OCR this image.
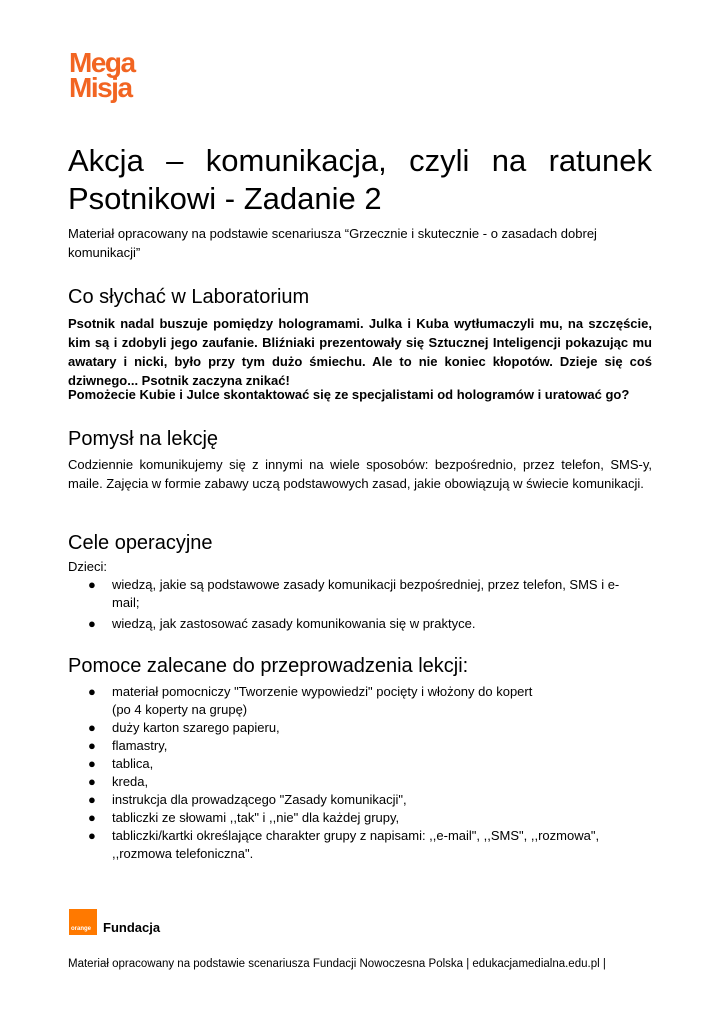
Mega
Misja
Akcja – komunikacja, czyli na ratunek Psotnikowi - Zadanie 2

Materiał opracowany na podstawie scenariusza “Grzecznie i skutecznie - o zasadach dobrej komunikacji”

Co słychać w Laboratorium

Psotnik nadal buszuje pomiędzy hologramami. Julka i Kuba wytłumaczyli mu, na szczęście, kim są i zdobyli jego zaufanie. Bliźniaki prezentowały się Sztucznej Inteligencji pokazując mu awatary i nicki, było przy tym dużo śmiechu. Ale to nie koniec kłopotów. Dzieje się coś dziwnego... Psotnik zaczyna znikać!

Pomożecie Kubie i Julce skontaktować się ze specjalistami od hologramów i uratować go?

Pomysł na lekcję

Codziennie komunikujemy się z innymi na wiele sposobów: bezpośrednio, przez telefon, SMS-y, maile. Zajęcia w formie zabawy uczą podstawowych zasad, jakie obowiązują w świecie komunikacji.

Cele operacyjne

Dzieci:

● wiedzą, jakie są podstawowe zasady komunikacji bezpośredniej, przez telefon, SMS i e-mail;
● wiedzą, jak zastosować zasady komunikowania się w praktyce.
Pomoce zalecane do przeprowadzenia lekcji:
● materiał pomocniczy "Tworzenie wypowiedzi" pocięty i włożony do kopert
(po 4 koperty na grupę)
● duży karton szarego papieru,
● flamastry,
● tablica,
● kreda,
● instrukcja dla prowadzącego "Zasady komunikacji",
● tabliczki ze słowami ,,tak" i ,,nie" dla każdej grupy,
● tabliczki/kartki określające charakter grupy z napisami: ,,e-mail", ,,SMS", ,,rozmowa", ,,rozmowa telefoniczna".
orange Fundacja
Materiał opracowany na podstawie scenariusza Fundacji Nowoczesna Polska | edukacjamedialna.edu.pl |
